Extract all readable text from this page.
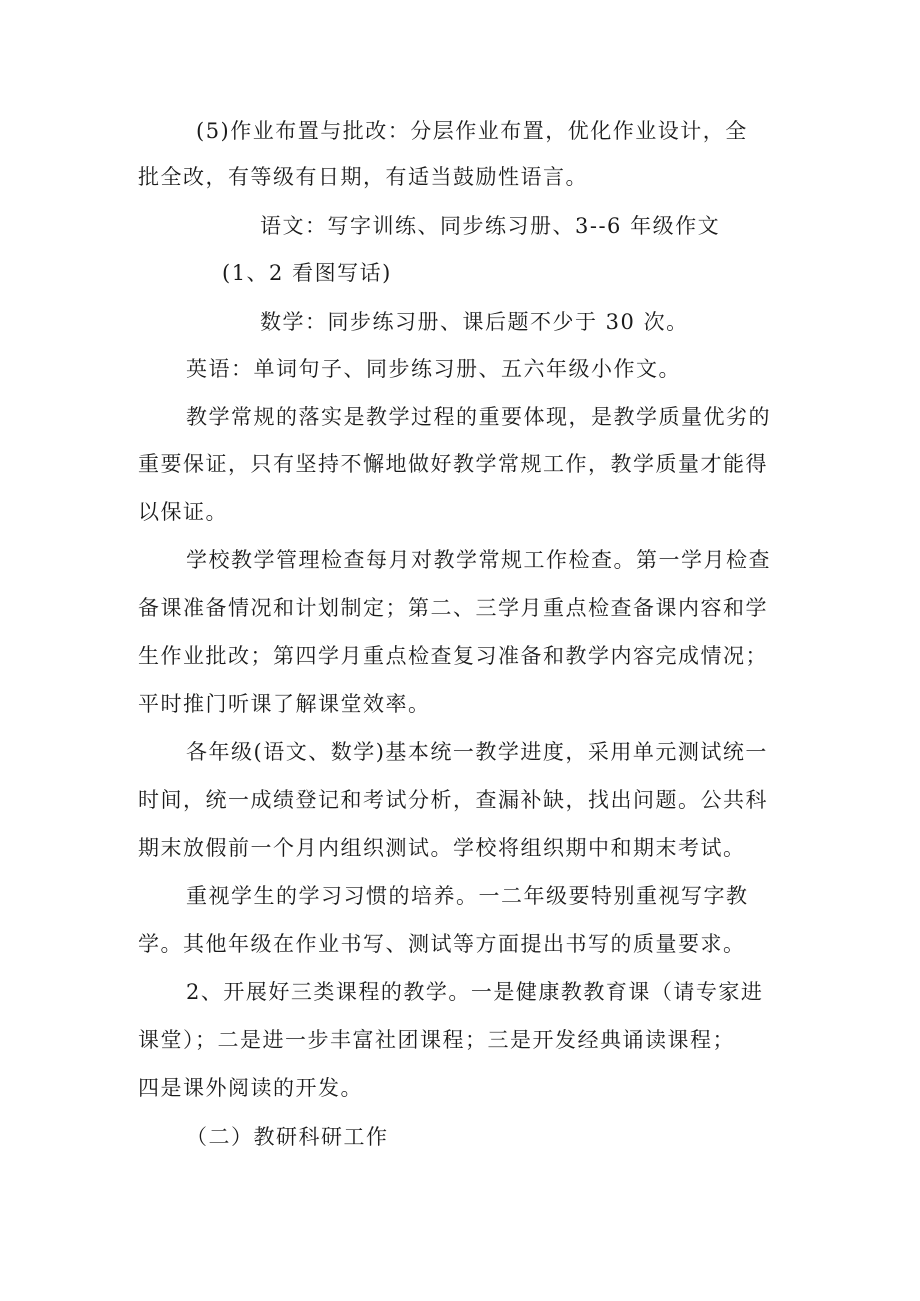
(5)作业布置与批改：分层作业布置，优化作业设计，全
批全改，有等级有日期，有适当鼓励性语言。
语文：写字训练、同步练习册、3--6 年级作文
(1、2 看图写话)
数学：同步练习册、课后题不少于 30 次。
英语：单词句子、同步练习册、五六年级小作文。
教学常规的落实是教学过程的重要体现，是教学质量优劣的
重要保证，只有坚持不懈地做好教学常规工作，教学质量才能得
以保证。
学校教学管理检查每月对教学常规工作检查。第一学月检查
备课准备情况和计划制定；第二、三学月重点检查备课内容和学
生作业批改；第四学月重点检查复习准备和教学内容完成情况；
平时推门听课了解课堂效率。
各年级(语文、数学)基本统一教学进度，采用单元测试统一
时间，统一成绩登记和考试分析，查漏补缺，找出问题。公共科
期末放假前一个月内组织测试。学校将组织期中和期末考试。
重视学生的学习习惯的培养。一二年级要特别重视写字教
学。其他年级在作业书写、测试等方面提出书写的质量要求。
2、开展好三类课程的教学。一是健康教教育课（请专家进
课堂）；二是进一步丰富社团课程；三是开发经典诵读课程；
四是课外阅读的开发。
（二）教研科研工作
